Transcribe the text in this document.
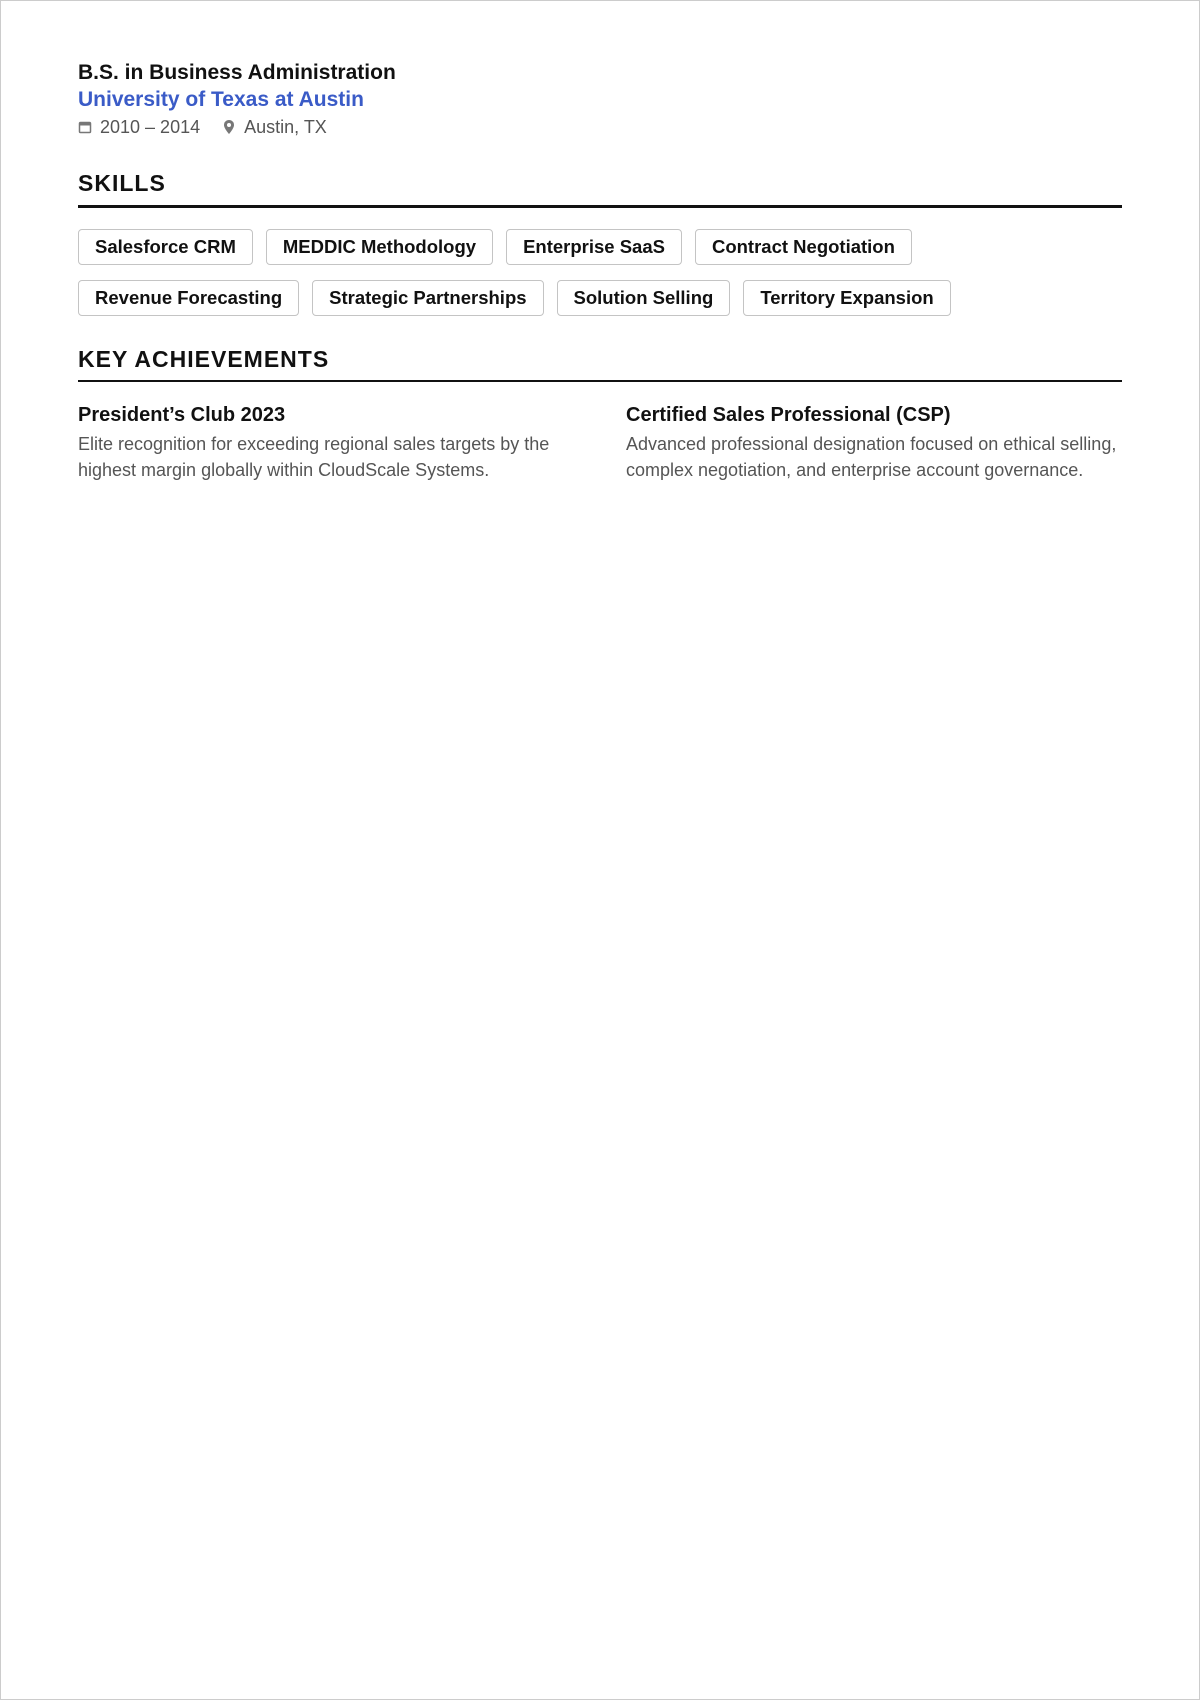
B.S. in Business Administration
University of Texas at Austin
2010 – 2014 Austin, TX
SKILLS
Salesforce CRM	MEDDIC Methodology	Enterprise SaaS	Contract Negotiation
Revenue Forecasting	Strategic Partnerships	Solution Selling	Territory Expansion
KEY ACHIEVEMENTS
President’s Club 2023

Elite recognition for exceeding regional sales targets by the highest margin globally within CloudScale Systems.

Certified Sales Professional (CSP)

Advanced professional designation focused on ethical selling, complex negotiation, and enterprise account governance.
